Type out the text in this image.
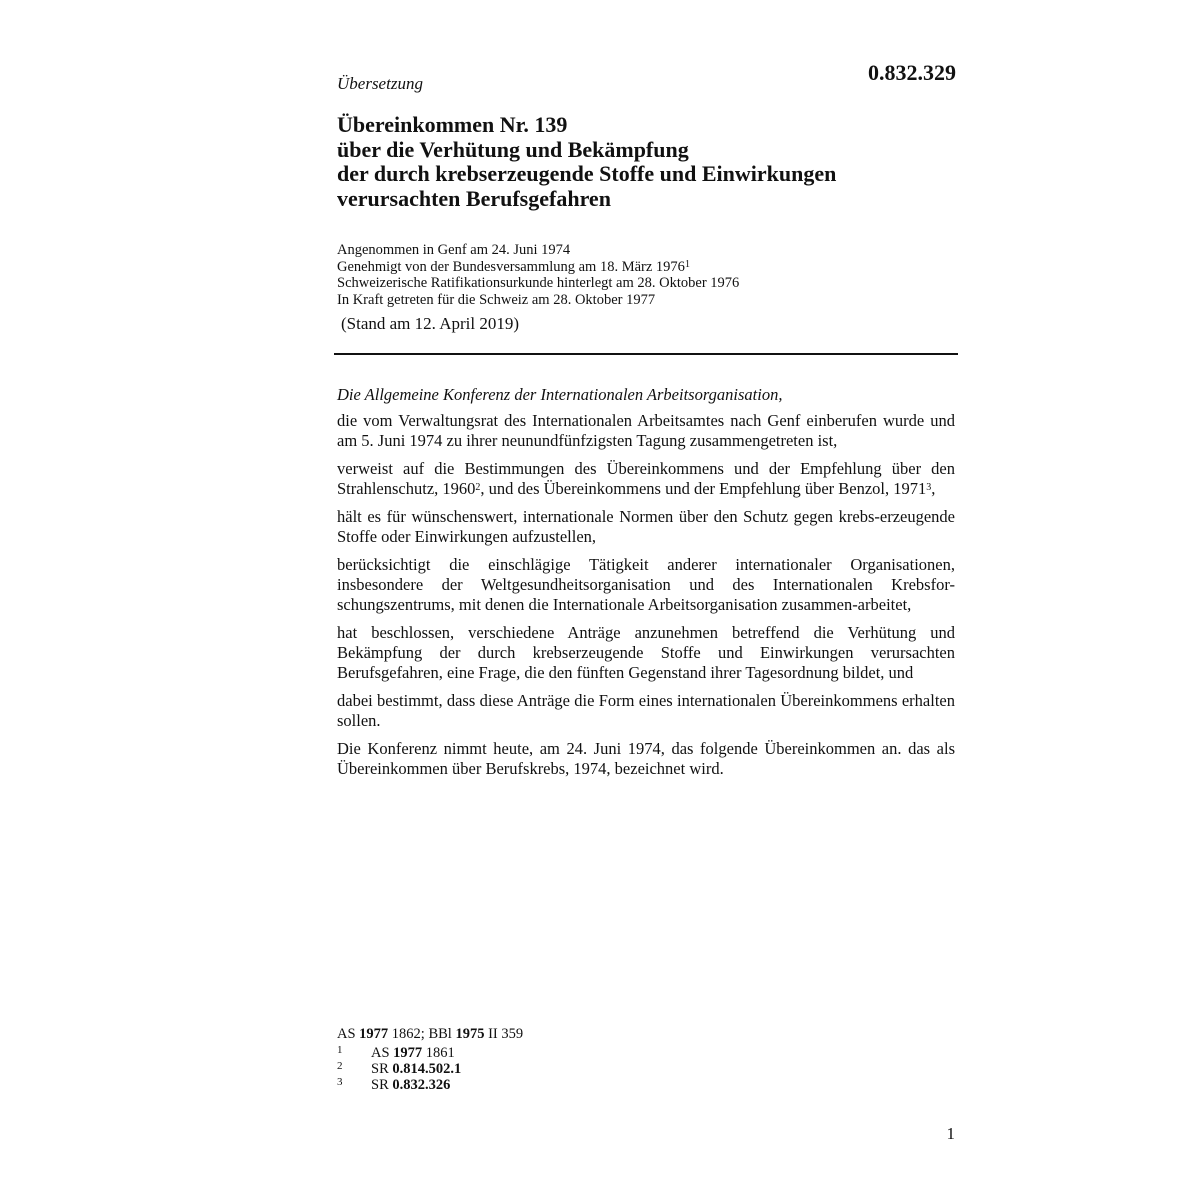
Übersetzung	0.832.329
Übereinkommen Nr. 139
über die Verhütung und Bekämpfung
der durch krebserzeugende Stoffe und Einwirkungen
verursachten Berufsgefahren
Angenommen in Genf am 24. Juni 1974
Genehmigt von der Bundesversammlung am 18. März 1976$^1$
Schweizerische Ratifikationsurkunde hinterlegt am 28. Oktober 1976
In Kraft getreten für die Schweiz am 28. Oktober 1977
(Stand am 12. April 2019)

Die Allgemeine Konferenz der Internationalen Arbeitsorganisation,

die vom Verwaltungsrat des Internationalen Arbeitsamtes nach Genf einberufen wurde und am 5. Juni 1974 zu ihrer neunundfünfzigsten Tagung zusammengetreten ist,

verweist auf die Bestimmungen des Übereinkommens und der Empfehlung über den Strahlenschutz, 1960$^2$, und des Übereinkommens und der Empfehlung über Benzol, 1971$^3$,

hält es für wünschenswert, internationale Normen über den Schutz gegen krebs-erzeugende Stoffe oder Einwirkungen aufzustellen,

berücksichtigt die einschlägige Tätigkeit anderer internationaler Organisationen, insbesondere der Weltgesundheitsorganisation und des Internationalen Krebsfor-schungszentrums, mit denen die Internationale Arbeitsorganisation zusammen-arbeitet,

hat beschlossen, verschiedene Anträge anzunehmen betreffend die Verhütung und Bekämpfung der durch krebserzeugende Stoffe und Einwirkungen verursachten Berufsgefahren, eine Frage, die den fünften Gegenstand ihrer Tagesordnung bildet, und

dabei bestimmt, dass diese Anträge die Form eines internationalen Übereinkommens erhalten sollen.

Die Konferenz nimmt heute, am 24. Juni 1974, das folgende Übereinkommen an. das als Übereinkommen über Berufskrebs, 1974, bezeichnet wird.

AS 1977 1862; BBl 1975 II 359
1 AS 1977 1861
2 SR 0.814.502.1
3 SR 0.832.326
1
